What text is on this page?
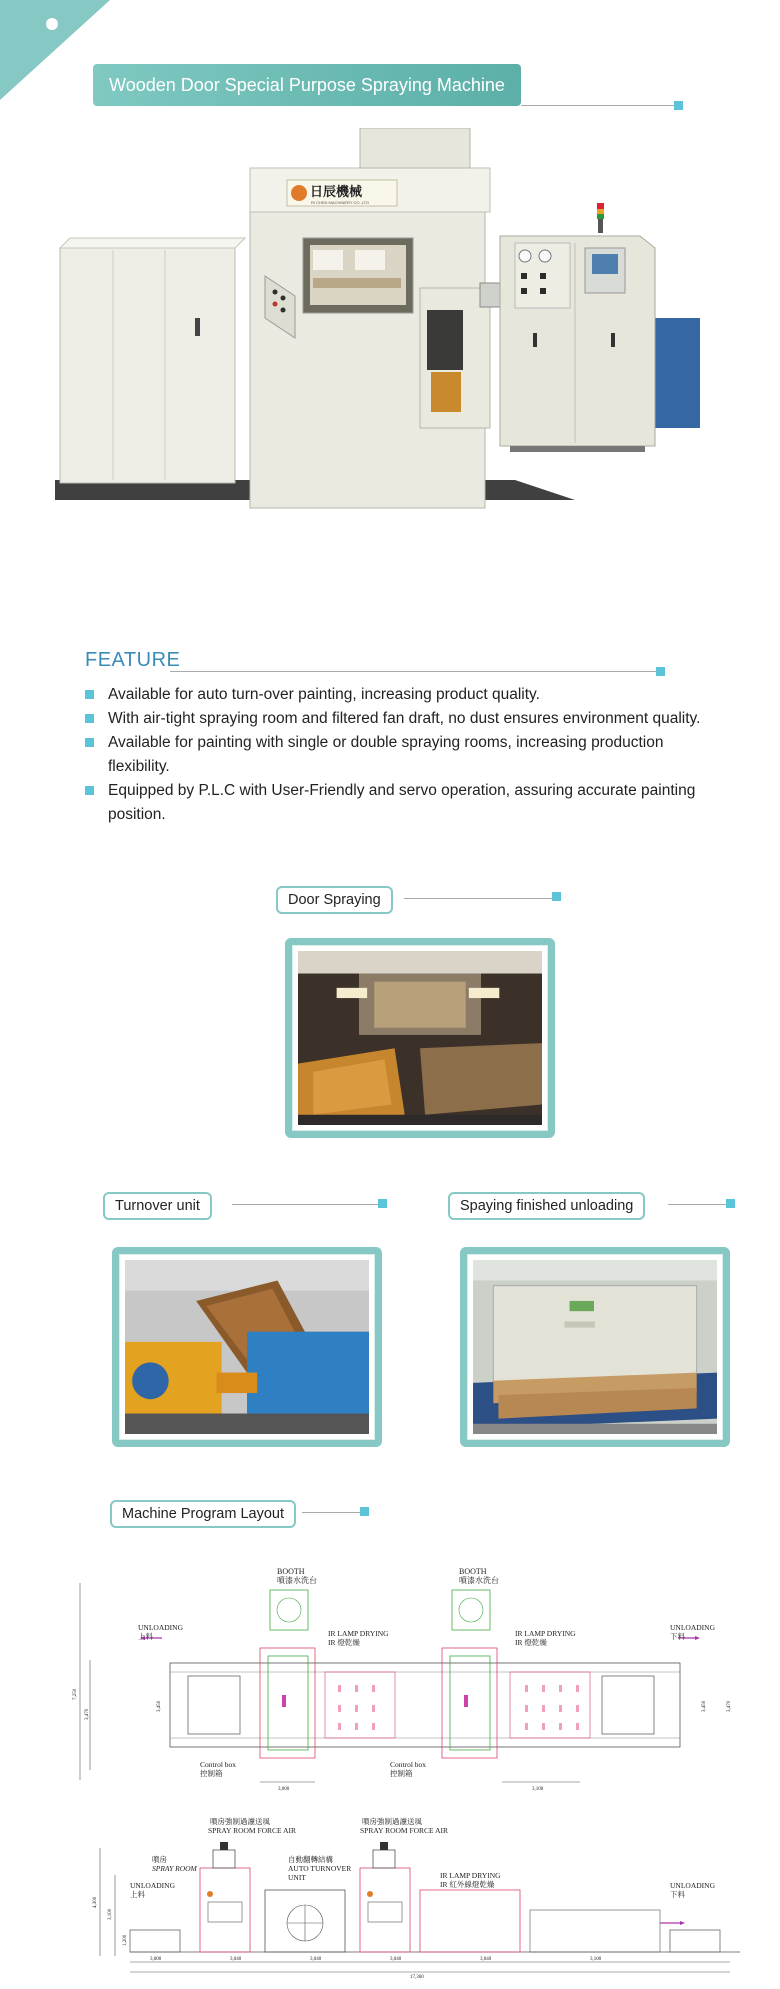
Wooden Door Special Purpose Spraying Machine
日辰機械
RI CHEN MACHINERY CO.,LTD
FEATURE
Available for auto turn-over painting, increasing product quality.
With air-tight spraying room and filtered fan draft, no dust ensures environment quality.
Available for painting with single or double spraying rooms, increasing production flexibility.
Equipped by P.L.C with User-Friendly and servo operation, assuring accurate painting position.
Door Spraying
Turnover unit	Spaying finished unloading
Machine Program Layout
BOOTH
噴漆水洗台
BOOTH
噴漆水洗台
UNLOADING
上料	IR LAMP DRYING
IR 燈乾燥
IR LAMP DRYING
IR 燈乾燥
UNLOADING
下料
Control box
控制箱
Control box
控制箱
7,250
3,470
3,450	3,450	3,470
3,000	3,100
4,300
3,100
1,200
噴房強制過濾送風
SPRAY ROOM FORCE AIR
噴房強制過濾送風
SPRAY ROOM FORCE AIR
噴房
SPRAY ROOM
UNLOADING
上料
自動翻轉結構
AUTO TURNOVER
UNIT	IR LAMP DRYING
IR 紅外線燈乾燥	UNLOADING
下料
3,000	3,040	3,040	3,040	3,040	3,100
17,360
